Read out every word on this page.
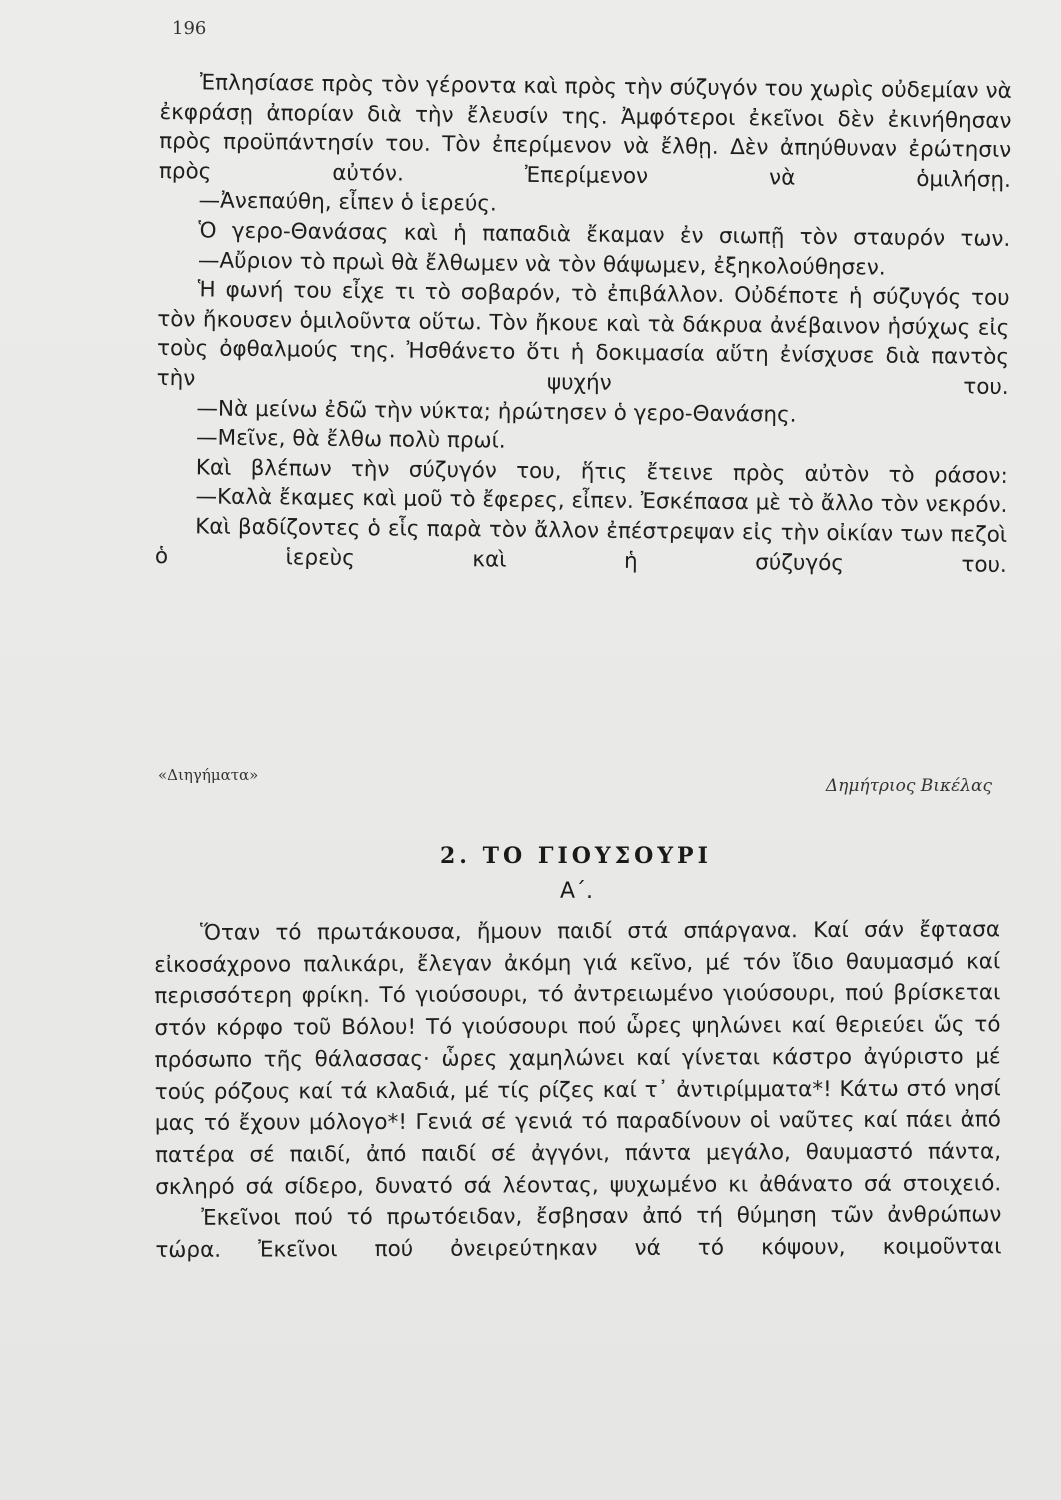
196

Ἐπλησίασε πρὸς τὸν γέροντα καὶ πρὸς τὴν σύζυγόν του χωρὶς οὐδεμίαν νὰ ἐκφράσῃ ἀπορίαν διὰ τὴν ἔλευσίν της. Ἀμφότεροι ἐκεῖνοι δὲν ἐκινήθησαν πρὸς προϋπάντησίν του. Τὸν ἐπερίμενον νὰ ἔλθῃ. Δὲν ἀπηύθυναν ἐρώτησιν πρὸς αὐτόν. Ἐπερίμενον νὰ ὁμιλήσῃ.

—Ἀνεπαύθη, εἶπεν ὁ ἱερεύς.

Ὁ γερο-Θανάσας καὶ ἡ παπαδιὰ ἔκαμαν ἐν σιωπῇ τὸν σταυρόν των.

—Αὔριον τὸ πρωὶ θὰ ἔλθωμεν νὰ τὸν θάψωμεν, ἐξηκολούθησεν.

Ἡ φωνή του εἶχε τι τὸ σοβαρόν, τὸ ἐπιβάλλον. Οὐδέποτε ἡ σύζυγός του τὸν ἤκουσεν ὁμιλοῦντα οὕτω. Τὸν ἤκουε καὶ τὰ δάκρυα ἀνέβαινον ἡσύχως εἰς τοὺς ὀφθαλμούς της. Ἠσθάνετο ὅτι ἡ δοκιμασία αὕτη ἐνίσχυσε διὰ παντὸς τὴν ψυχήν του.

—Νὰ μείνω ἐδῶ τὴν νύκτα; ἠρώτησεν ὁ γερο-Θανάσης.

—Μεῖνε, θὰ ἔλθω πολὺ πρωί.

Καὶ βλέπων τὴν σύζυγόν του, ἥτις ἔτεινε πρὸς αὐτὸν τὸ ράσον:

—Καλὰ ἔκαμες καὶ μοῦ τὸ ἔφερες, εἶπεν. Ἐσκέπασα μὲ τὸ ἄλλο τὸν νεκρόν.

Καὶ βαδίζοντες ὁ εἷς παρὰ τὸν ἄλλον ἐπέστρεψαν εἰς τὴν οἰκίαν των πεζοὶ ὁ ἱερεὺς καὶ ἡ σύζυγός του.

«Διηγήματα»
Δημήτριος Βικέλας
2. ΤΟ ΓΙΟΥΣΟΥΡΙ
Α΄.

Ὅταν τό πρωτάκουσα, ἤμουν παιδί στά σπάργανα. Καί σάν ἔφτασα εἰκοσάχρονο παλικάρι, ἔλεγαν ἀκόμη γιά κεῖνο, μέ τόν ἴδιο θαυμασμό καί περισσότερη φρίκη. Τό γιούσουρι, τό ἀντρειωμένο γιούσουρι, πού βρίσκεται στόν κόρφο τοῦ Βόλου! Τό γιούσουρι πού ὧρες ψηλώνει καί θεριεύει ὥς τό πρόσωπο τῆς θάλασσας· ὧρες χαμηλώνει καί γίνεται κάστρο ἀγύριστο μέ τούς ρόζους καί τά κλαδιά, μέ τίς ρίζες καί τ᾽ ἀντιρίμματα*! Κάτω στό νησί μας τό ἔχουν μόλογο*! Γενιά σέ γενιά τό παραδίνουν οἱ ναῦτες καί πάει ἀπό πατέρα σέ παιδί, ἀπό παιδί σέ ἀγγόνι, πάντα μεγάλο, θαυμαστό πάντα, σκληρό σά σίδερο, δυνατό σά λέοντας, ψυχωμένο κι ἀθάνατο σά στοιχειό.

Ἐκεῖνοι πού τό πρωτόειδαν, ἔσβησαν ἀπό τή θύμηση τῶν ἀνθρώπων τώρα. Ἐκεῖνοι πού ὀνειρεύτηκαν νά τό κόψουν, κοιμοῦνται
